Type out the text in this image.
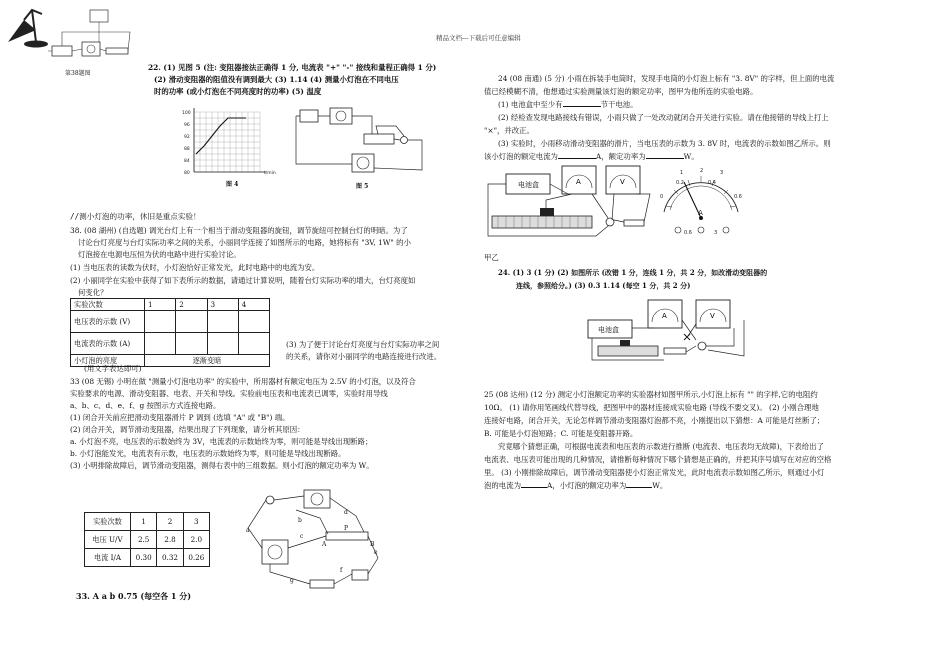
精品文档---下载后可任意编辑
第38题图
22. (1) 见图 5 (注: 变阻器接法正确得 1 分, 电流表 "+" "-" 接线和量程正确得 1 分)
(2) 滑动变阻器的阻值没有调到最大 (3) 1.14 (4) 测量小灯泡在不同电压
时的功率 (或小灯泡在不同亮度时的功率) (5) 温度
100
96
92
88
84
80	t/min
图 4	图 5
//测小灯泡的功率，休旧是重点实验！
38. (08 湖州) (自选题) 调光台灯上有一个相当于滑动变阻器的旋钮，调节旋纽可控制台灯的明暗。为了
讨论台灯亮度与台灯实际功率之间的关系，小丽同学连接了如图所示的电路，她将标有 "3V, 1W" 的小
灯泡接在电源电压恒为伏的电路中进行实验讨论。
(1) 当电压表的读数为伏时，小灯泡恰好正常发光，此时电路中的电流为安。
(2) 小丽同学在实验中获得了如下表所示的数据，请通过计算说明，随着台灯实际功率的增大，台灯亮度如
何变化？
实验次数	1	2	3	4
电压表的示数 (V)				
电流表的示数 (A)				
小灯泡的亮度	逐渐变暗			
(3) 为了便于讨论台灯亮度与台灯实际功率之间
的关系，请你对小丽同学的电路连接进行改进。
(用文字表达即可)
33 (08 无锡) 小明在做 "测量小灯泡电功率" 的实验中，所用器材有额定电压为 2.5V 的小灯泡，以及符合
实验要求的电源、滑动变阻器、电表、开关和导线。实验前电压表和电流表已调零，实验时用导线
a、b、c、d、e、f、g 按图示方式连接电路。
(1) 闭合开关前应把滑动变阻器滑片 P 调到 (选填 "A" 或 "B") 端。
(2) 闭合开关，调节滑动变阻器，结果出现了下列现象，请分析其原因：
a. 小灯泡不亮，电压表的示数始终为 3V，电流表的示数始终为零，则可能是导线出现断路；
b. 小灯泡能发光，电流表有示数，电压表的示数始终为零，则可能是导线出现断路。
(3) 小明排除故障后，调节滑动变阻器，测得右表中的三组数据。则小灯泡的额定功率为 W。
实验次数	1	2	3
电压 U/V	2.5	2.8	2.0
电流 I/A	0.30	0.32	0.26
a
b
c
d
e
f
g
A	B
P
33. A a b 0.75 (每空各 1 分)
24 (08 南通) (5 分) 小雨在拆装手电筒时，发现手电筒的小灯泡上标有 "3. 8V" 的字样，但上面的电流
值已经模糊不清，他想通过实验测量该灯泡的额定功率，图甲为他所连的实验电路。
(1) 电池盒中至少有	节干电池。
(2) 经检查发现电路接线有错误，小雨只做了一处改动就闭合开关进行实验。请在他接错的导线上打上
"×"，并改正。
(3) 实验时，小雨移动滑动变阻器的滑片，当电压表的示数为 3. 8V 时，电流表的示数如图乙所示。则
该小灯泡的额定电流为	A，额定功率为	W。
电池盒	A	V
0
0.2	0.4
0.6
1	2	3
A
0.6	3
甲乙
24. (1) 3 (1 分) (2) 如图所示 (改错 1 分，连线 1 分，共 2 分，如改滑动变阻器的
连线，参照给分。) (3) 0.3 1.14 (每空 1 分，共 2 分)
电池盒
A	V
25 (08 达州) (12 分) 测定小灯泡额定功率的实验器材如图甲所示,小灯泡上标有 "" 的字样,它的电阻约
10Ω。 (1) 请你用笔画线代替导线，把图甲中的器材连接成实验电路 (导线不要交叉)。 (2) 小刚合理地
连接好电路，闭合开关，无论怎样调节滑动变阻器灯泡都不亮，小刚提出以下猜想：A 可能是灯丝断了；
B. 可能是小灯泡短路；C. 可能是变阻器开路。
究竟哪个猜想正确，可根据电流表和电压表的示数进行推断 (电流表、电压表均无故障)，下表给出了
电流表、电压表可能出现的几种情况，请推断每种情况下哪个猜想是正确的，并把其序号填写在对应的空格
里。 (3) 小刚排除故障后，调节滑动变阻器使小灯泡正常发光，此时电流表示数如图乙所示，则通过小灯
泡的电流为	A，小灯泡的额定功率为	W。
